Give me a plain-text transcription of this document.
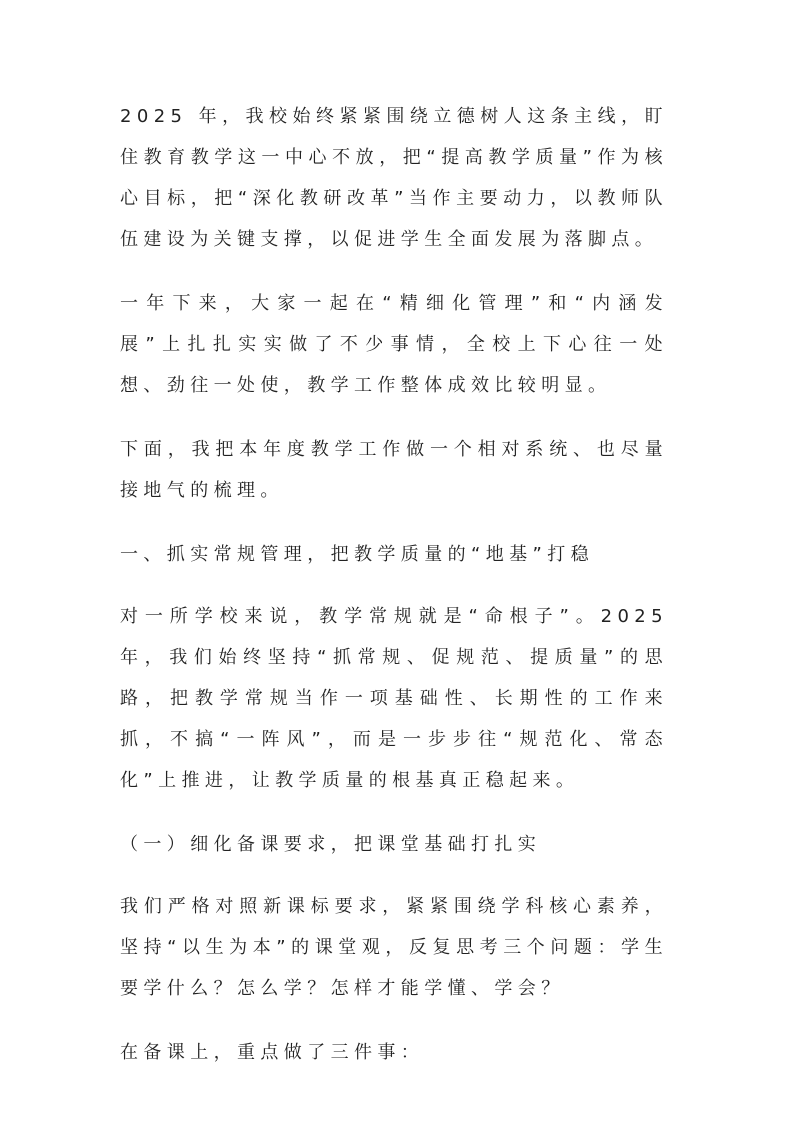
2025 年，我校始终紧紧围绕立德树人这条主线，盯住教育教学这一中心不放，把“提高教学质量”作为核心目标，把“深化教研改革”当作主要动力，以教师队伍建设为关键支撑，以促进学生全面发展为落脚点。

一年下来，大家一起在“精细化管理”和“内涵发展”上扎扎实实做了不少事情，全校上下心往一处想、劲往一处使，教学工作整体成效比较明显。

下面，我把本年度教学工作做一个相对系统、也尽量接地气的梳理。

一、抓实常规管理，把教学质量的“地基”打稳

对一所学校来说，教学常规就是“命根子”。2025 年，我们始终坚持“抓常规、促规范、提质量”的思路，把教学常规当作一项基础性、长期性的工作来抓，不搞“一阵风”，而是一步步往“规范化、常态化”上推进，让教学质量的根基真正稳起来。

（一）细化备课要求，把课堂基础打扎实

我们严格对照新课标要求，紧紧围绕学科核心素养，坚持“以生为本”的课堂观，反复思考三个问题：学生要学什么？怎么学？怎样才能学懂、学会？

在备课上，重点做了三件事：
